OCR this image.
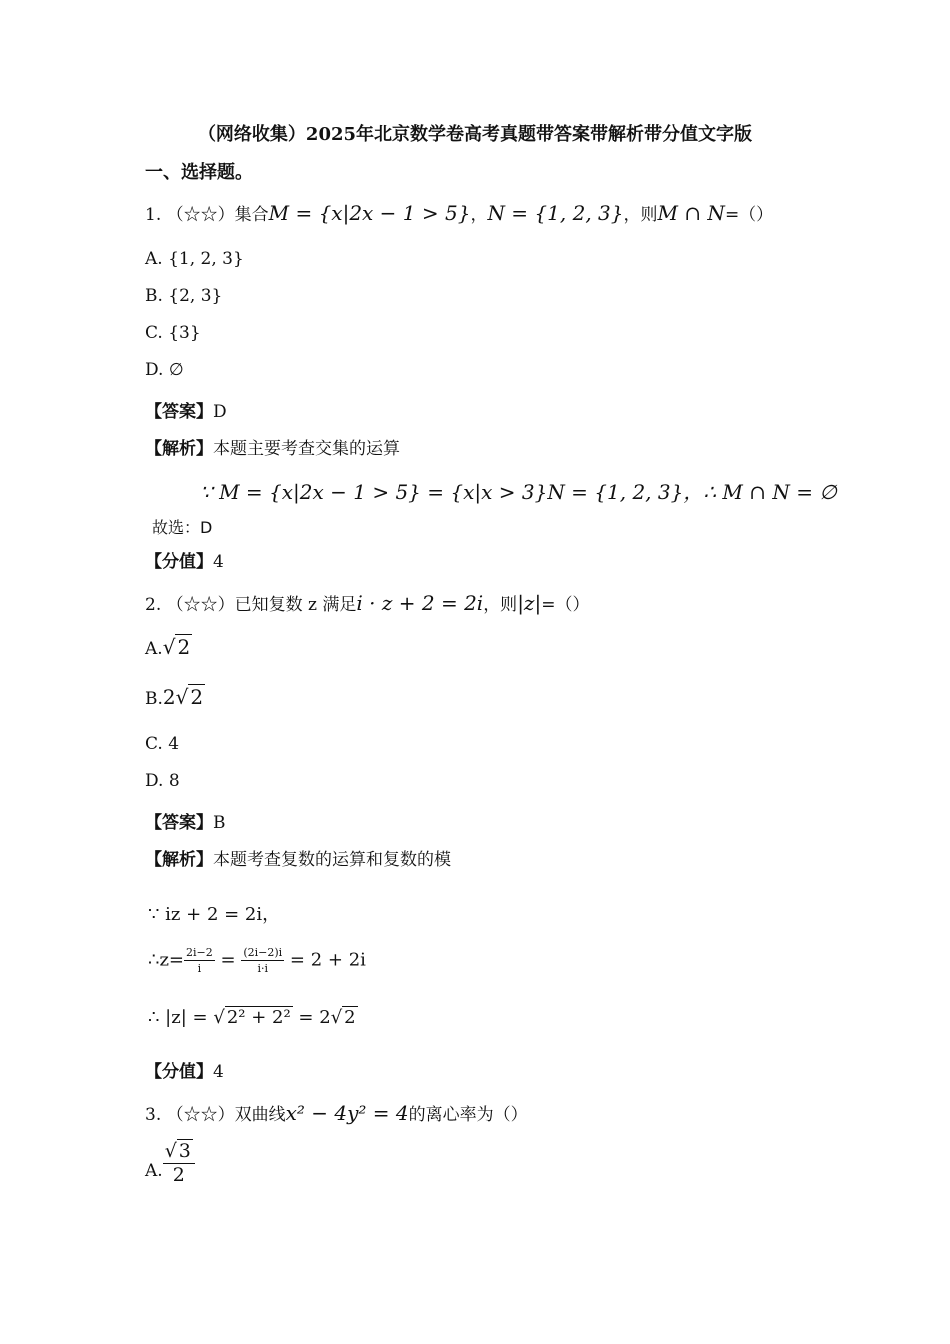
（网络收集）2025年北京数学卷高考真题带答案带解析带分值文字版
一、选择题。
1. （☆☆）集合M = {x|2x − 1 > 5}，N = {1, 2, 3}，则M ∩ N=（）
A. {1, 2, 3}
B. {2, 3}
C. {3}
D. ∅
【答案】D
【解析】本题主要考查交集的运算
∵ M = {x|2x − 1 > 5} = {x|x > 3}N = {1, 2, 3}，∴ M ∩ N = ∅
故选：D
【分值】4
2. （☆☆）已知复数 z 满足i · z + 2 = 2i，则|z|=（）
A.√ 2
B.2√ 2
C. 4
D. 8
【答案】B
【解析】本题考查复数的运算和复数的模
∵ iz + 2 = 2i，
∴z= $\frac{2i-2}{i} = \frac{(2i-2)i}{i\cdot i} = 2 + 2i$
∴ |z| = √ 2² + 2² = 2√ 2
【分值】4
3. （☆☆）双曲线x² − 4y² = 4的离心率为（）
A. $\frac{√ 3}{2}$
